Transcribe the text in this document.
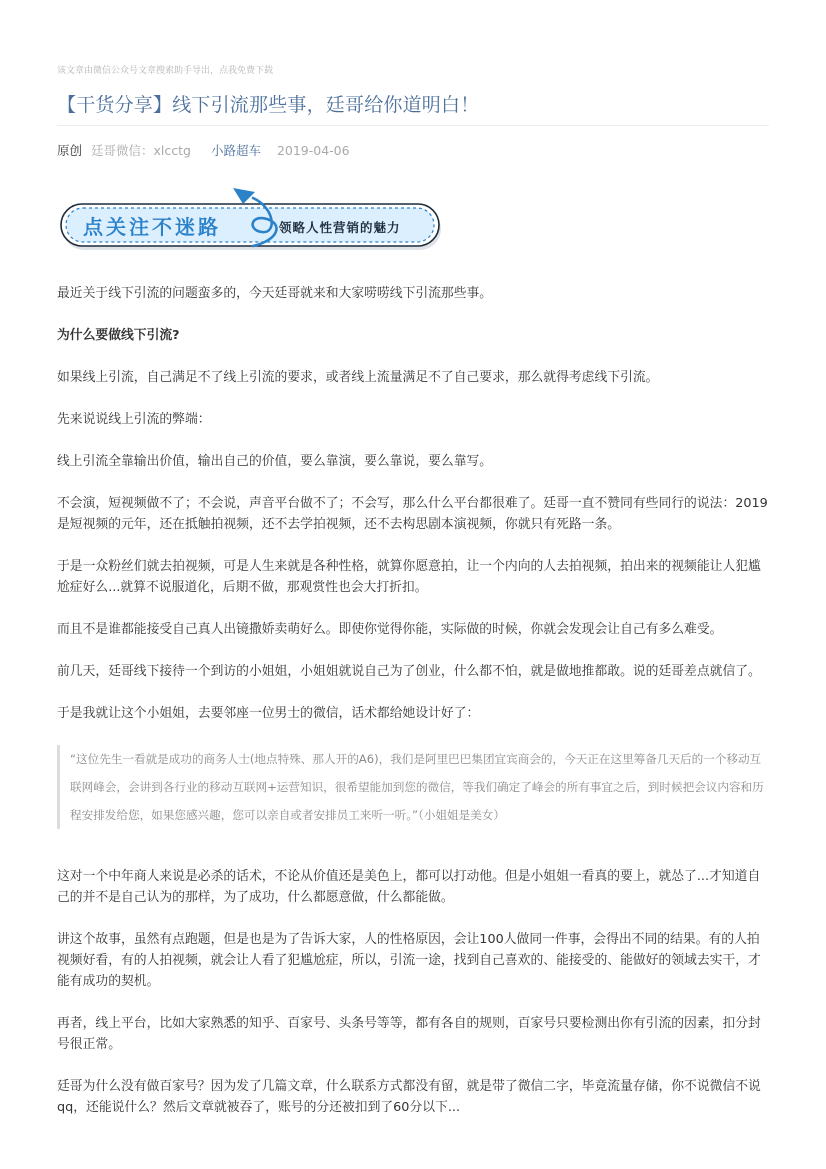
该文章由微信公众号文章搜索助手导出，点我免费下载
【干货分享】线下引流那些事，廷哥给你道明白！
原创 廷哥微信：xlcctg 小路超车 2019-04-06
点关注不迷路	领略人性营销的魅力

最近关于线下引流的问题蛮多的，今天廷哥就来和大家唠唠线下引流那些事。

为什么要做线下引流?

如果线上引流，自己满足不了线上引流的要求，或者线上流量满足不了自己要求，那么就得考虑线下引流。

先来说说线上引流的弊端：

线上引流全靠输出价值，输出自己的价值，要么靠演，要么靠说，要么靠写。

不会演，短视频做不了；不会说，声音平台做不了；不会写，那么什么平台都很难了。廷哥一直不赞同有些同行的说法：2019是短视频的元年，还在抵触拍视频，还不去学拍视频，还不去构思剧本演视频，你就只有死路一条。

于是一众粉丝们就去拍视频，可是人生来就是各种性格，就算你愿意拍，让一个内向的人去拍视频，拍出来的视频能让人犯尴尬症好么...就算不说服道化，后期不做，那观赏性也会大打折扣。

而且不是谁都能接受自己真人出镜撒娇卖萌好么。即使你觉得你能，实际做的时候，你就会发现会让自己有多么难受。

前几天，廷哥线下接待一个到访的小姐姐，小姐姐就说自己为了创业，什么都不怕，就是做地推都敢。说的廷哥差点就信了。

于是我就让这个小姐姐，去要邻座一位男士的微信，话术都给她设计好了：

“这位先生一看就是成功的商务人士(地点特殊、那人开的A6)，我们是阿里巴巴集团宜宾商会的，今天正在这里筹备几天后的一个移动互联网峰会，会讲到各行业的移动互联网+运营知识，很希望能加到您的微信，等我们确定了峰会的所有事宜之后，到时候把会议内容和历程安排发给您，如果您感兴趣，您可以亲自或者安排员工来听一听。”（小姐姐是美女）

这对一个中年商人来说是必杀的话术，不论从价值还是美色上，都可以打动他。但是小姐姐一看真的要上，就怂了...才知道自己的并不是自己认为的那样，为了成功，什么都愿意做，什么都能做。

讲这个故事，虽然有点跑题，但是也是为了告诉大家，人的性格原因，会让100人做同一件事，会得出不同的结果。有的人拍视频好看，有的人拍视频，就会让人看了犯尴尬症，所以，引流一途，找到自己喜欢的、能接受的、能做好的领域去实干，才能有成功的契机。

再者，线上平台，比如大家熟悉的知乎、百家号、头条号等等，都有各自的规则，百家号只要检测出你有引流的因素，扣分封号很正常。

廷哥为什么没有做百家号？因为发了几篇文章，什么联系方式都没有留，就是带了微信二字，毕竟流量存储，你不说微信不说qq，还能说什么？然后文章就被吞了，账号的分还被扣到了60分以下...
